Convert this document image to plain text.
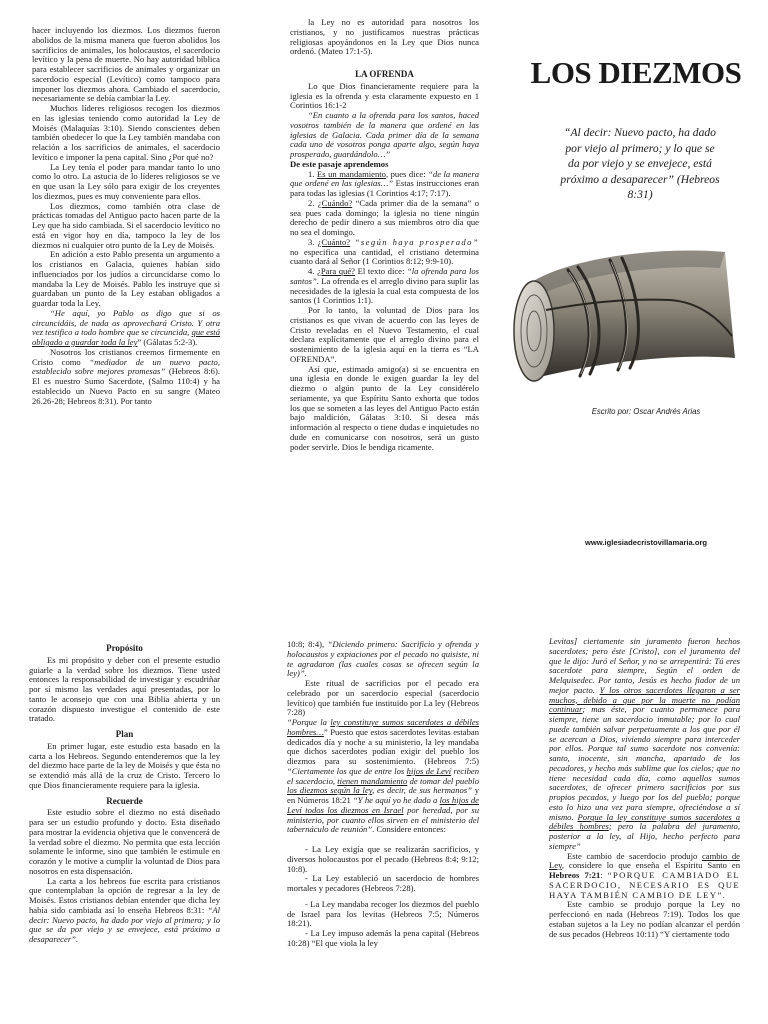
hacer incluyendo los diezmos. Los diezmos fueron abolidos de la misma manera que fueron abolidos los sacrificios de animales, los holocaustos, el sacerdocio levítico y la pena de muerte. No hay autoridad bíblica para establecer sacrificios de animales y organizar un sacerdocio especial (Levítico) como tampoco para imponer los diezmos ahora. Cambiado el sacerdocio, necesariamente se debía cambiar la Ley.

Muchos líderes religiosos recogen los diezmos en las iglesias teniendo como autoridad la Ley de Moisés (Malaquías 3:10). Siendo conscientes deben también obedecer lo que la Ley también mandaba con relación a los sacrificios de animales, el sacerdocio levítico e imponer la pena capital. Sino ¿Por qué no?

La Ley tenía el poder para mandar tanto lo uno como lo otro. La astucia de lo líderes religiosos se ve en que usan la Ley sólo para exigir de los creyentes los diezmos, pues es muy conveniente para ellos.

Los diezmos, como también otra clase de prácticas tomadas del Antiguo pacto hacen parte de la Ley que ha sido cambiada. Si el sacerdocio levítico no está en vigor hoy en día, tampoco la ley de los diezmos ni cualquier otro punto de la Ley de Moisés.

En adición a esto Pablo presenta un argumento a los cristianos en Galacia, quienes habían sido influenciados por los judíos a circuncidarse como lo mandaba la Ley de Moisés. Pablo les instruye que si guardaban un punto de la Ley estaban obligados a guardar toda la Ley.

“He aquí, yo Pablo os digo que si os circuncidáis, de nada os aprovechará Cristo. Y otra vez testifico a todo hombre que se circuncida, que está obligado a guardar toda la ley” (Gálatas 5:2-3).

Nosotros los cristianos creemos firmemente en Cristo como “mediador de un nuevo pacto, establecido sobre mejores promesas” (Hebreos 8:6). El es nuestro Sumo Sacerdote, (Salmo 110:4) y ha establecido un Nuevo Pacto en su sangre (Mateo 26.26-28; Hebreos 8:31). Por tanto

la Ley no es autoridad para nosotros los cristianos, y no justificamos nuestras prácticas religiosas apoyándonos en la Ley que Dios nunca ordenó. (Mateo 17:1-5).

LA OFRENDA

Lo que Dios financieramente requiere para la iglesia es la ofrenda y esta claramente expuesto en 1 Corintios 16:1-2

“En cuanto a la ofrenda para los santos, haced vosotros también de la manera que ordené en las iglesias de Galacia. Cada primer día de la semana cada uno de vosotros ponga aparte algo, según haya prosperado, guardándolo…”

De este pasaje aprendemos

1. Es un mandamiento, pues dice: “de la manera que ordené en las iglesias…” Estas instrucciones eran para todas las iglesias (1 Corintios 4:17; 7:17).
2. ¿Cuándo? “Cada primer día de la semana” o sea pues cada domingo; la iglesia no tiene ningún derecho de pedir dinero a sus miembros otro día que no sea el domingo.
3. ¿Cuánto? “según haya prosperado” no especifica una cantidad, el cristiano determina cuanto dará al Señor (1 Corintios 8:12; 9:9-10).
4. ¿Para qué? El texto dice: “la ofrenda para los santos”. La ofrenda es el arreglo divino para suplir las necesidades de la iglesia la cual esta compuesta de los santos (1 Corintios 1:1).

Por lo tanto, la voluntad de Dios para los cristianos es que vivan de acuerdo con las leyes de Cristo reveladas en el Nuevo Testamento, el cual declara explícitamente que el arreglo divino para el sostenimiento de la iglesia aquí en la tierra es “LA OFRENDA”.

Así que, estimado amigo(a) si se encuentra en una iglesia en donde le exigen guardar la ley del diezmo o algún punto de la Ley considérelo seriamente, ya que Espíritu Santo exhorta que todos los que se someten a las leyes del Antiguo Pacto están bajo maldición, Gálatas 3:10. Si desea más información al respecto o tiene dudas e inquietudes no dude en comunicarse con nosotros, será un gusto poder servirle. Dios le bendiga ricamente.

LOS DIEZMOS
“Al decir: Nuevo pacto, ha dado por viejo al primero; y lo que se da por viejo y se envejece, está próximo a desaparecer” (Hebreos 8:31)
Escrito por: Oscar Andrés Arias
www.iglesiadecristovillamaria.org
Propósito

Es mi propósito y deber con el presente estudio guiarle a la verdad sobre los diezmos. Tiene usted entonces la responsabilidad de investigar y escudriñar por sí mismo las verdades aquí presentadas, por lo tanto le aconsejo que con una Biblia abierta y un corazón dispuesto investigue el contenido de este tratado.

Plan

En primer lugar, este estudio esta basado en la carta a los Hebreos. Segundo entenderemos que la ley del diezmo hace parte de la ley de Moisés y que ésta no se extendió más allá de la cruz de Cristo. Tercero lo que Dios financieramente requiere para la iglesia.

Recuerde

Este estudio sobre el diezmo no está diseñado para ser un estudio profundo y docto. Esta diseñado para mostrar la evidencia objetiva que le convencerá de la verdad sobre el diezmo. No permita que esta lección solamente le informe, sino que también le estimule en corazón y le motive a cumplir la voluntad de Dios para nosotros en esta dispensación.

La carta a los hebreos fue escrita para cristianos que contemplaban la opción de regresar a la ley de Moisés. Estos cristianos debían entender que dicha ley había sido cambiada así lo enseña Hebreos 8:31: “Al decir: Nuevo pacto, ha dado por viejo al primero; y lo que se da por viejo y se envejece, está próximo a desaparecer”.

10:8; 8:4), “Diciendo primero: Sacrificio y ofrenda y holocaustos y expiaciones por el pecado no quisiste, ni te agradaron (las cuales cosas se ofrecen según la ley)”.

Este ritual de sacrificios por el pecado era celebrado por un sacerdocio especial (sacerdocio levítico) que también fue instituido por La ley (Hebreos 7:28)

“Porque la ley constituye sumos sacerdotes a débiles hombres…” Puesto que estos sacerdotes levitas estaban dedicados día y noche a su ministerio, la ley mandaba que dichos sacerdotes podían exigir del pueblo los diezmos para su sostenimiento. (Hebreos 7:5) “Ciertamente los que de entre los hijos de Leví reciben el sacerdocio, tienen mandamiento de tomar del pueblo los diezmos según la ley, es decir, de sus hermanos” y en Números 18:21 “Y he aquí yo he dado a los hijos de Leví todos los diezmos en Israel por heredad, por su ministerio, por cuanto ellos sirven en el ministerio del tabernáculo de reunión”. Considere entonces:

- La Ley exigía que se realizarán sacrificios, y diversos holocaustos por el pecado (Hebreos 8:4; 9:12; 10:8).

- La Ley estableció un sacerdocio de hombres mortales y pecadores (Hebreos 7:28).

- La Ley mandaba recoger los diezmos del pueblo de Israel para los levitas (Hebreos 7:5; Números 18:21).

- La Ley impuso además la pena capital (Hebreos 10:28) “El que viola la ley

Levitas] ciertamente sin juramento fueron hechos sacerdotes; pero éste [Cristo], con el juramento del que le dijo: Juró el Señor, y no se arrepentirá: Tú eres sacerdote para siempre, Según el orden de Melquisedec. Por tanto, Jesús es hecho fiador de un mejor pacto. Y los otros sacerdotes llegaron a ser muchos, debido a que por la muerte no podían continuar; mas éste, por cuanto permanece para siempre, tiene un sacerdocio inmutable; por lo cual puede también salvar perpetuamente a los que por él se acercan a Dios, viviendo siempre para interceder por ellos. Porque tal sumo sacerdote nos convenía: santo, inocente, sin mancha, apartado de los pecadores, y hecho más sublime que los cielos; que no tiene necesidad cada día, como aquellos sumos sacerdotes, de ofrecer primero sacrificios por sus propios pecados, y luego por los del pueblo; porque esto lo hizo una vez para siempre, ofreciéndose a sí mismo. Porque la ley constituye sumos sacerdotes a débiles hombres; pero la palabra del juramento, posterior a la ley, al Hijo, hecho perfecto para siempre”

Este cambio de sacerdocio produjo cambio de Ley, considere lo que enseña el Espíritu Santo en Hebreos 7:21: “PORQUE CAMBIADO EL SACERDOCIO, NECESARIO ES QUE HAYA TAMBIÉN CAMBIO DE LEY”.

Este cambio se produjo porque la Ley no perfeccionó en nada (Hebreos 7:19). Todos los que estaban sujetos a la Ley no podían alcanzar el perdón de sus pecados (Hebreos 10:11) “Y ciertamente todo
